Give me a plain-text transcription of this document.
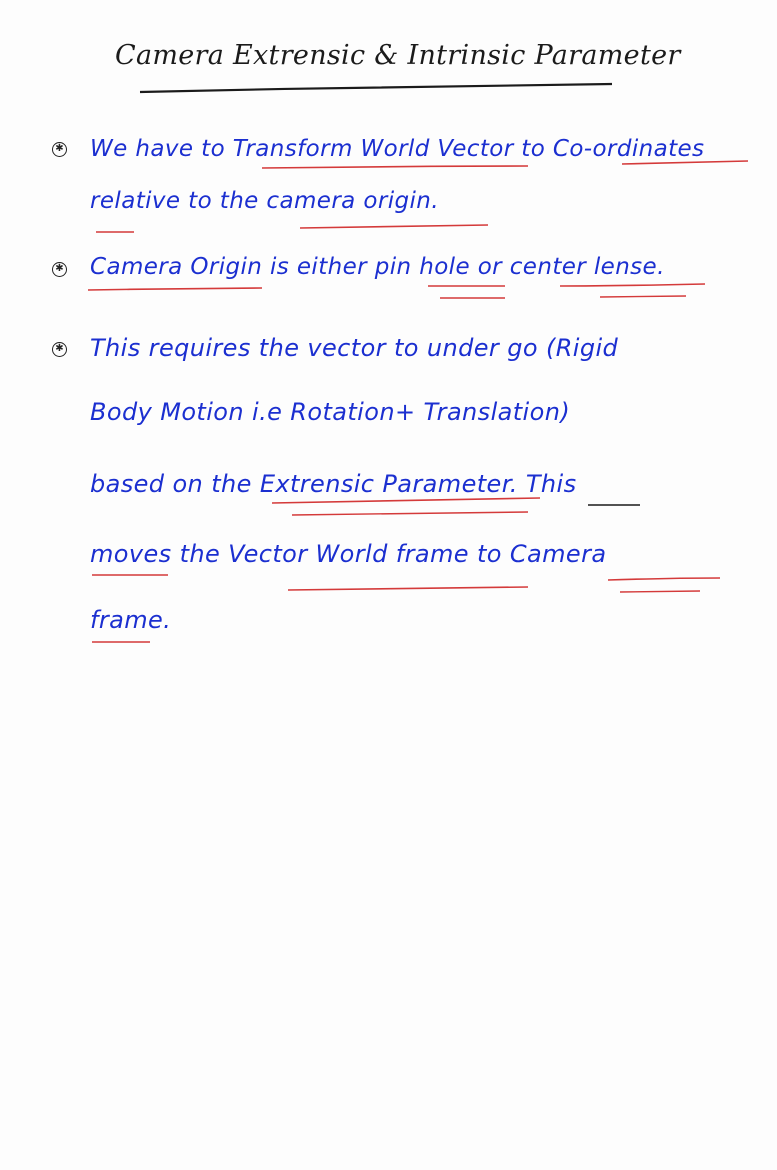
Camera Extrensic & Intrinsic Parameter
✱ We have to Transform World Vector to Co-ordinates
relative to the camera origin.
✱ Camera Origin is either pin hole or center lense.
✱ This requires the vector to under go (Rigid
Body Motion i.e Rotation+ Translation)
based on the Extrensic Parameter. This
moves the Vector World frame to Camera
frame.
